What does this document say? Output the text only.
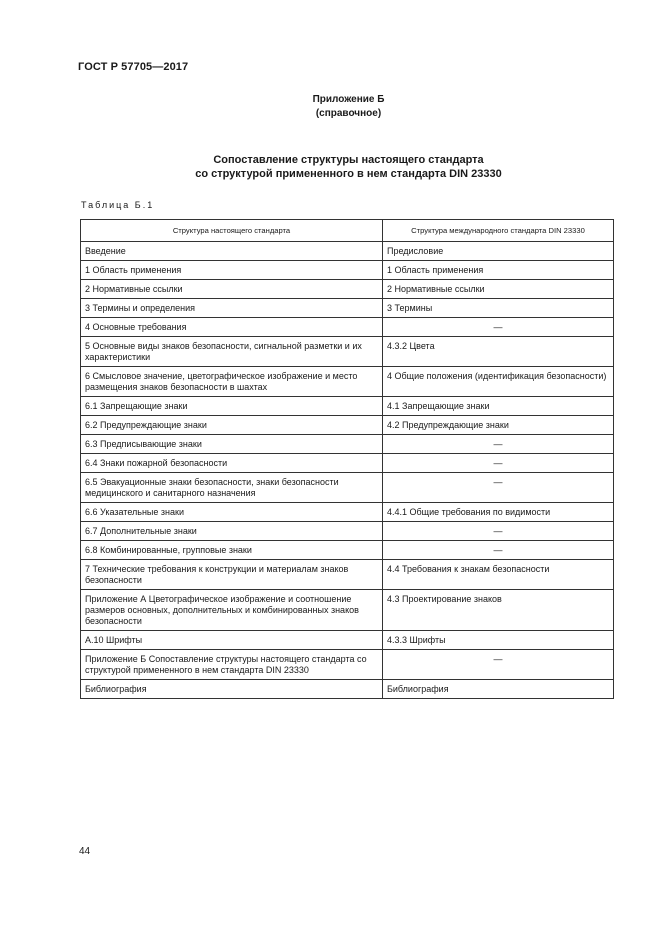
ГОСТ Р 57705—2017
Приложение Б
(справочное)
Сопоставление структуры настоящего стандарта
со структурой примененного в нем стандарта DIN 23330
Таблица Б.1
Структура настоящего стандарта	Структура международного стандарта DIN 23330
Введение	Предисловие
1 Область применения	1 Область применения
2 Нормативные ссылки	2 Нормативные ссылки
3 Термины и определения	3 Термины
4 Основные требования	—
5 Основные виды знаков безопасности, сигнальной разметки и их характеристики	4.3.2 Цвета
6 Смысловое значение, цветографическое изображение и место размещения знаков безопасности в шахтах	4 Общие положения (идентификация безопасности)
6.1 Запрещающие знаки	4.1 Запрещающие знаки
6.2 Предупреждающие знаки	4.2 Предупреждающие знаки
6.3 Предписывающие знаки	—
6.4 Знаки пожарной безопасности	—
6.5 Эвакуационные знаки безопасности, знаки безопасности медицинского и санитарного назначения	—
6.6 Указательные знаки	4.4.1 Общие требования по видимости
6.7 Дополнительные знаки	—
6.8 Комбинированные, групповые знаки	—
7 Технические требования к конструкции и материалам знаков безопасности	4.4 Требования к знакам безопасности
Приложение А Цветографическое изображение и соотношение размеров основных, дополнительных и комбинированных знаков безопасности	4.3 Проектирование знаков
А.10 Шрифты	4.3.3 Шрифты
Приложение Б Сопоставление структуры настоящего стандарта со структурой примененного в нем стандарта DIN 23330	—
Библиография	Библиография
44
